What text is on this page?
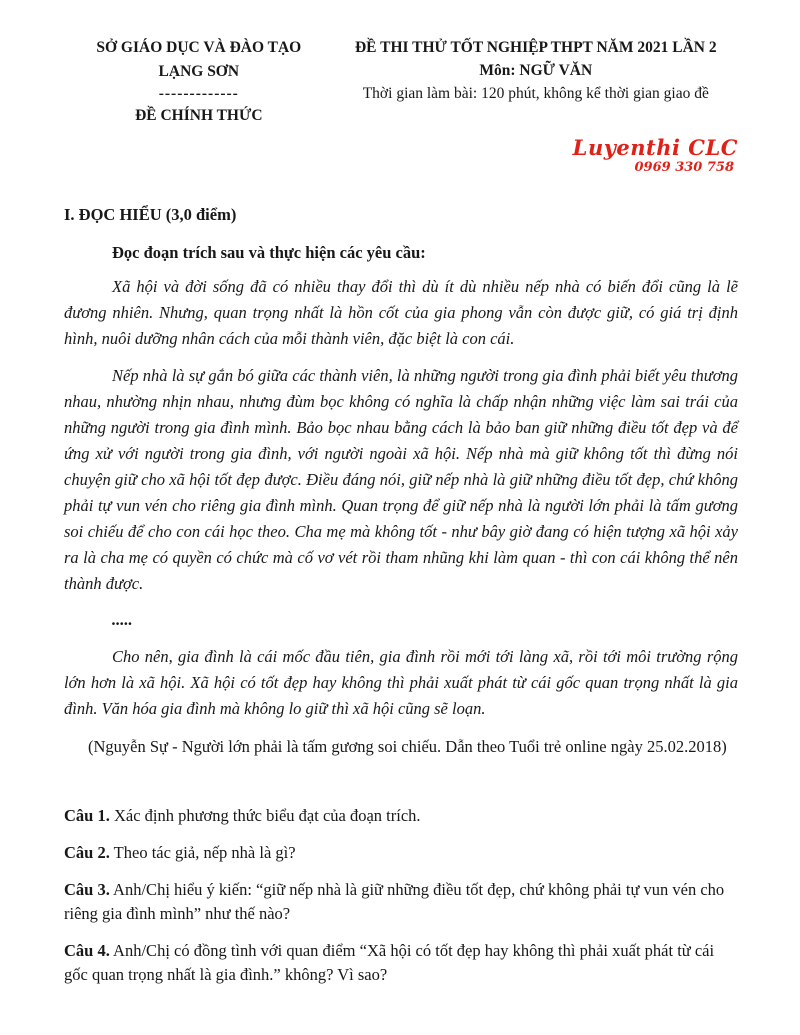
SỞ GIÁO DỤC VÀ ĐÀO TẠO
LẠNG SƠN
-------------
ĐỀ CHÍNH THỨC
ĐỀ THI THỬ TỐT NGHIỆP THPT NĂM 2021 LẦN 2
Môn: NGỮ VĂN
Thời gian làm bài: 120 phút, không kể thời gian giao đề
Luyenthi CLC
0969 330 758
I. ĐỌC HIỂU (3,0 điểm)
Đọc đoạn trích sau và thực hiện các yêu cầu:

Xã hội và đời sống đã có nhiều thay đổi thì dù ít dù nhiều nếp nhà có biến đổi cũng là lẽ đương nhiên. Nhưng, quan trọng nhất là hồn cốt của gia phong vẫn còn được giữ, có giá trị định hình, nuôi dưỡng nhân cách của mỗi thành viên, đặc biệt là con cái.

Nếp nhà là sự gắn bó giữa các thành viên, là những người trong gia đình phải biết yêu thương nhau, nhường nhịn nhau, nhưng đùm bọc không có nghĩa là chấp nhận những việc làm sai trái của những người trong gia đình mình. Bảo bọc nhau bằng cách là bảo ban giữ những điều tốt đẹp và để ứng xử với người trong gia đình, với người ngoài xã hội. Nếp nhà mà giữ không tốt thì đừng nói chuyện giữ cho xã hội tốt đẹp được. Điều đáng nói, giữ nếp nhà là giữ những điều tốt đẹp, chứ không phải tự vun vén cho riêng gia đình mình. Quan trọng để giữ nếp nhà là người lớn phải là tấm gương soi chiếu để cho con cái học theo. Cha mẹ mà không tốt - như bây giờ đang có hiện tượng xã hội xảy ra là cha mẹ có quyền có chức mà cố vơ vét rồi tham nhũng khi làm quan - thì con cái không thể nên thành được.

.....

Cho nên, gia đình là cái mốc đầu tiên, gia đình rồi mới tới làng xã, rồi tới môi trường rộng lớn hơn là xã hội. Xã hội có tốt đẹp hay không thì phải xuất phát từ cái gốc quan trọng nhất là gia đình. Văn hóa gia đình mà không lo giữ thì xã hội cũng sẽ loạn.

(Nguyễn Sự - Người lớn phải là tấm gương soi chiếu. Dẫn theo Tuổi trẻ online ngày 25.02.2018)

Câu 1. Xác định phương thức biểu đạt của đoạn trích.

Câu 2. Theo tác giả, nếp nhà là gì?

Câu 3. Anh/Chị hiểu ý kiến: “giữ nếp nhà là giữ những điều tốt đẹp, chứ không phải tự vun vén cho riêng gia đình mình” như thế nào?

Câu 4. Anh/Chị có đồng tình với quan điểm “Xã hội có tốt đẹp hay không thì phải xuất phát từ cái gốc quan trọng nhất là gia đình.” không? Vì sao?
